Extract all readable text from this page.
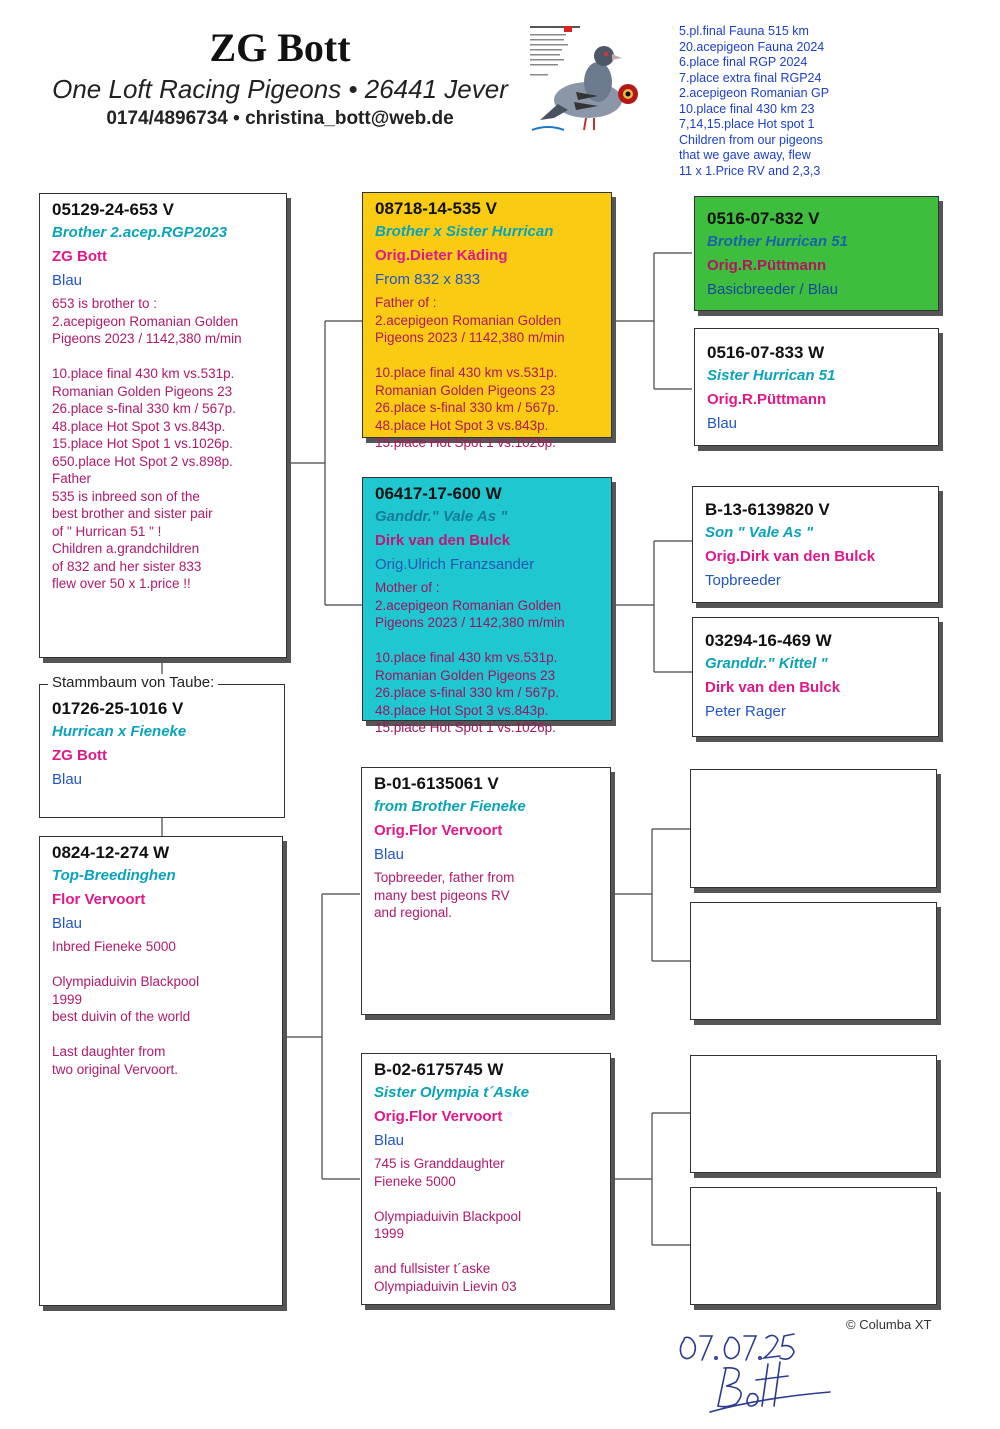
ZG Bott
One Loft Racing Pigeons • 26441 Jever
0174/4896734 • christina_bott@web.de
5.pl.final Fauna 515 km
20.acepigeon Fauna 2024
6.place final RGP 2024
7.place extra final RGP24
2.acepigeon Romanian GP
10.place final 430 km 23
7,14,15.place Hot spot 1
Children from our pigeons
that we gave away, flew
11 x 1.Price RV and 2,3,3
05129-24-653 V
Brother 2.acep.RGP2023
ZG Bott
Blau
653 is brother to :
2.acepigeon Romanian Golden
Pigeons 2023 / 1142,380 m/min
10.place final 430 km vs.531p.
Romanian Golden Pigeons 23
26.place s-final 330 km / 567p.
48.place Hot Spot 3 vs.843p.
15.place Hot Spot 1 vs.1026p.
650.place Hot Spot 2 vs.898p.
Father
535 is inbreed son of the
best brother and sister pair
of " Hurrican 51 " !
Children a.grandchildren
of 832 and her sister 833
flew over 50 x 1.price !!
01726-25-1016 V
Hurrican x Fieneke
ZG Bott
Blau
Stammbaum von Taube:
0824-12-274 W
Top-Breedinghen
Flor Vervoort
Blau
Inbred Fieneke 5000
Olympiaduivin Blackpool
1999
best duivin of the world
Last daughter from
two original Vervoort.
08718-14-535 V
Brother x Sister Hurrican
Orig.Dieter Käding
From 832 x 833
Father of :
2.acepigeon Romanian Golden
Pigeons 2023 / 1142,380 m/min
10.place final 430 km vs.531p.
Romanian Golden Pigeons 23
26.place s-final 330 km / 567p.
48.place Hot Spot 3 vs.843p.
15.place Hot Spot 1 vs.1026p.
06417-17-600 W
Ganddr." Vale As "
Dirk van den Bulck
Orig.Ulrich Franzsander
Mother of :
2.acepigeon Romanian Golden
Pigeons 2023 / 1142,380 m/min
10.place final 430 km vs.531p.
Romanian Golden Pigeons 23
26.place s-final 330 km / 567p.
48.place Hot Spot 3 vs.843p.
15.place Hot Spot 1 vs.1026p.
B-01-6135061 V
from Brother Fieneke
Orig.Flor Vervoort
Blau
Topbreeder, father from
many best pigeons RV
and regional.
B-02-6175745 W
Sister Olympia t´Aske
Orig.Flor Vervoort
Blau
745 is Granddaughter
Fieneke 5000
Olympiaduivin Blackpool
1999
and fullsister t´aske
Olympiaduivin Lievin 03
0516-07-832 V
Brother Hurrican 51
Orig.R.Püttmann
Basicbreeder / Blau
0516-07-833 W
Sister Hurrican 51
Orig.R.Püttmann
Blau
B-13-6139820 V
Son " Vale As "
Orig.Dirk van den Bulck
Topbreeder
03294-16-469 W
Granddr." Kittel "
Dirk van den Bulck
Peter Rager
© Columba XT
